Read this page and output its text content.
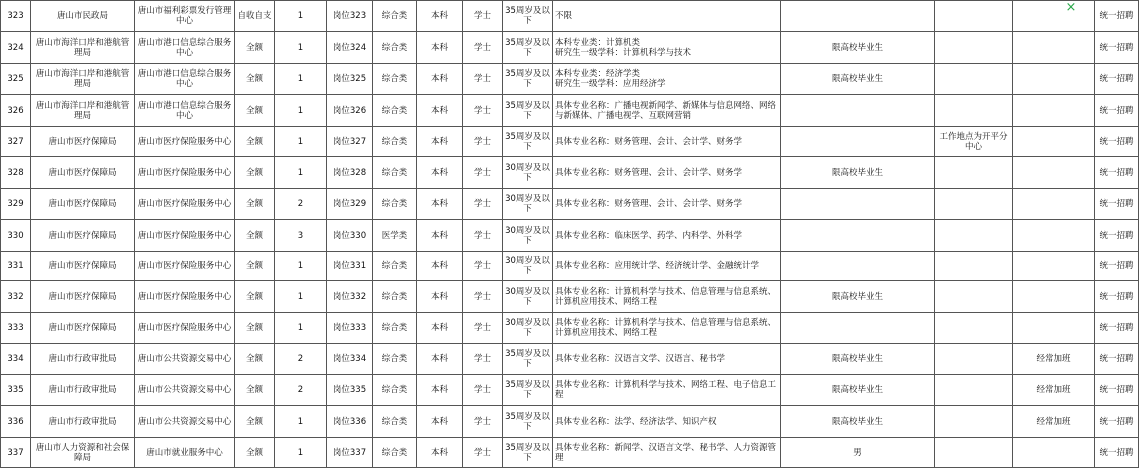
323	唐山市民政局	唐山市福利彩票发行管理中心	自收自支	1	岗位323	综合类	本科	学士	35周岁及以下	不限				统一招聘
324	唐山市海洋口岸和港航管理局	唐山市港口信息综合服务中心	全额	1	岗位324	综合类	本科	学士	35周岁及以下	本科专业类：计算机类
研究生一级学科：计算机科学与技术	限高校毕业生			统一招聘
325	唐山市海洋口岸和港航管理局	唐山市港口信息综合服务中心	全额	1	岗位325	综合类	本科	学士	35周岁及以下	本科专业类：经济学类
研究生一级学科：应用经济学	限高校毕业生			统一招聘
326	唐山市海洋口岸和港航管理局	唐山市港口信息综合服务中心	全额	1	岗位326	综合类	本科	学士	35周岁及以下	具体专业名称：广播电视新闻学、新媒体与信息网络、网络与新媒体、广播电视学、互联网营销				统一招聘
327	唐山市医疗保障局	唐山市医疗保险服务中心	全额	1	岗位327	综合类	本科	学士	35周岁及以下	具体专业名称：财务管理、会计、会计学、财务学		工作地点为开平分中心		统一招聘
328	唐山市医疗保障局	唐山市医疗保险服务中心	全额	1	岗位328	综合类	本科	学士	30周岁及以下	具体专业名称：财务管理、会计、会计学、财务学	限高校毕业生			统一招聘
329	唐山市医疗保障局	唐山市医疗保险服务中心	全额	2	岗位329	综合类	本科	学士	30周岁及以下	具体专业名称：财务管理、会计、会计学、财务学				统一招聘
330	唐山市医疗保障局	唐山市医疗保险服务中心	全额	3	岗位330	医学类	本科	学士	30周岁及以下	具体专业名称：临床医学、药学、内科学、外科学				统一招聘
331	唐山市医疗保障局	唐山市医疗保险服务中心	全额	1	岗位331	综合类	本科	学士	30周岁及以下	具体专业名称：应用统计学、经济统计学、金融统计学				统一招聘
332	唐山市医疗保障局	唐山市医疗保险服务中心	全额	1	岗位332	综合类	本科	学士	30周岁及以下	具体专业名称：计算机科学与技术、信息管理与信息系统、计算机应用技术、网络工程	限高校毕业生			统一招聘
333	唐山市医疗保障局	唐山市医疗保险服务中心	全额	1	岗位333	综合类	本科	学士	30周岁及以下	具体专业名称：计算机科学与技术、信息管理与信息系统、计算机应用技术、网络工程				统一招聘
334	唐山市行政审批局	唐山市公共资源交易中心	全额	2	岗位334	综合类	本科	学士	35周岁及以下	具体专业名称：汉语言文学、汉语言、秘书学	限高校毕业生		经常加班	统一招聘
335	唐山市行政审批局	唐山市公共资源交易中心	全额	2	岗位335	综合类	本科	学士	35周岁及以下	具体专业名称：计算机科学与技术、网络工程、电子信息工程	限高校毕业生		经常加班	统一招聘
336	唐山市行政审批局	唐山市公共资源交易中心	全额	1	岗位336	综合类	本科	学士	35周岁及以下	具体专业名称：法学、经济法学、知识产权	限高校毕业生		经常加班	统一招聘
337	唐山市人力资源和社会保障局	唐山市就业服务中心	全额	1	岗位337	综合类	本科	学士	35周岁及以下	具体专业名称：新闻学、汉语言文学、秘书学、人力资源管理	男			统一招聘
×
